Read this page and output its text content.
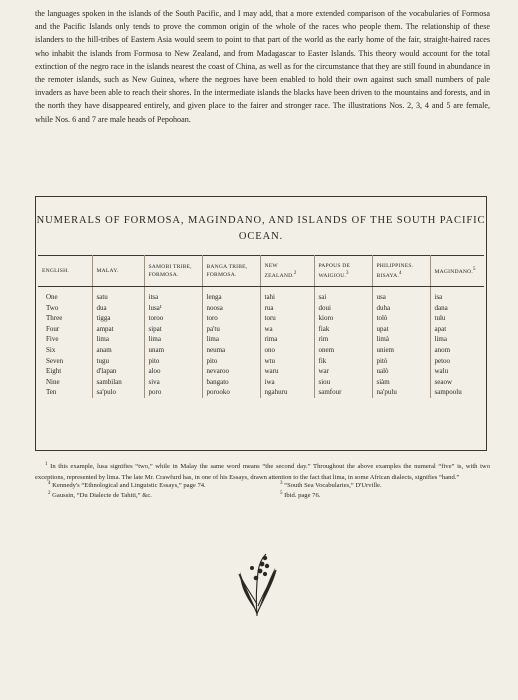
the languages spoken in the islands of the South Pacific, and I may add, that a more extended comparison of the vocabularies of Formosa and the Pacific Islands only tends to prove the common origin of the whole of the races who people them. The relationship of these islanders to the hill-tribes of Eastern Asia would seem to point to that part of the world as the early home of the fair, straight-haired races who inhabit the islands from Formosa to New Zealand, and from Madagascar to Easter Islands. This theory would account for the total extinction of the negro race in the islands nearest the coast of China, as well as for the circumstance that they are still found in abundance in the remoter islands, such as New Guinea, where the negroes have been enabled to hold their own against such small numbers of pale invaders as have been able to reach their shores. In the intermediate islands the blacks have been driven to the mountains and forests, and in the north they have disappeared entirely, and given place to the fairer and stronger race. The illustrations Nos. 2, 3, 4 and 5 are female, while Nos. 6 and 7 are male heads of Pepohoan.

NUMERALS OF FORMOSA, MAGINDANO, AND ISLANDS OF THE SOUTH PACIFIC OCEAN.
ENGLISH.	MALAY.	SAMOBI TRIBE, FORMOSA.	BANGA TRIBE, FORMOSA.	NEW ZEALAND.$^2$	PAPOUS DE WAIGIOU.$^3$	PHILIPPINES. BISAYA.$^4$	MAGINDANO.$^5$
One	satu	itsa	lenga	tahi	sai	usa	isa
Two	dua	lusa¹	noosa	rua	doui	duha	dana
Three	tigga	toroo	toro	toru	kioro	tolò	tulu
Four	ampat	sipat	pa'tu	wa	fiak	upat	apat
Five	lima	lima	lima	rima	rim	limà	lima
Six	anam	unam	neuma	ono	onem	uniem	anom
Seven	tugu	pito	pito	wtu	fik	pitò	petoo
Eight	d'lapan	aloo	nevaroo	waru	war	ualò	walu
Nine	sambilan	siva	bangato	iwa	siou	siàm	seaow
Ten	sa'pulo	poro	porooko	ngahuru	samfour	na'pulu	sampoolu
$^1$ In this example, lusa signifies “two,” while in Malay the same word means “the second day.” Throughout the above examples the numeral “five” is, with two exceptions, represented by lima. The late Mr. Crawfurd has, in one of his Essays, drawn attention to the fact that lima, in some African dialects, signifies “hand.”
$^2$ Gaussin, “Du Dialecte de Tahiti,” &c.
$^4$ Kennedy's “Ethnological and Linguistic Essays,” page 74.	$^3$ “South Sea Vocabularies,” D'Urville.
$^5$ Ibid. page 76.
